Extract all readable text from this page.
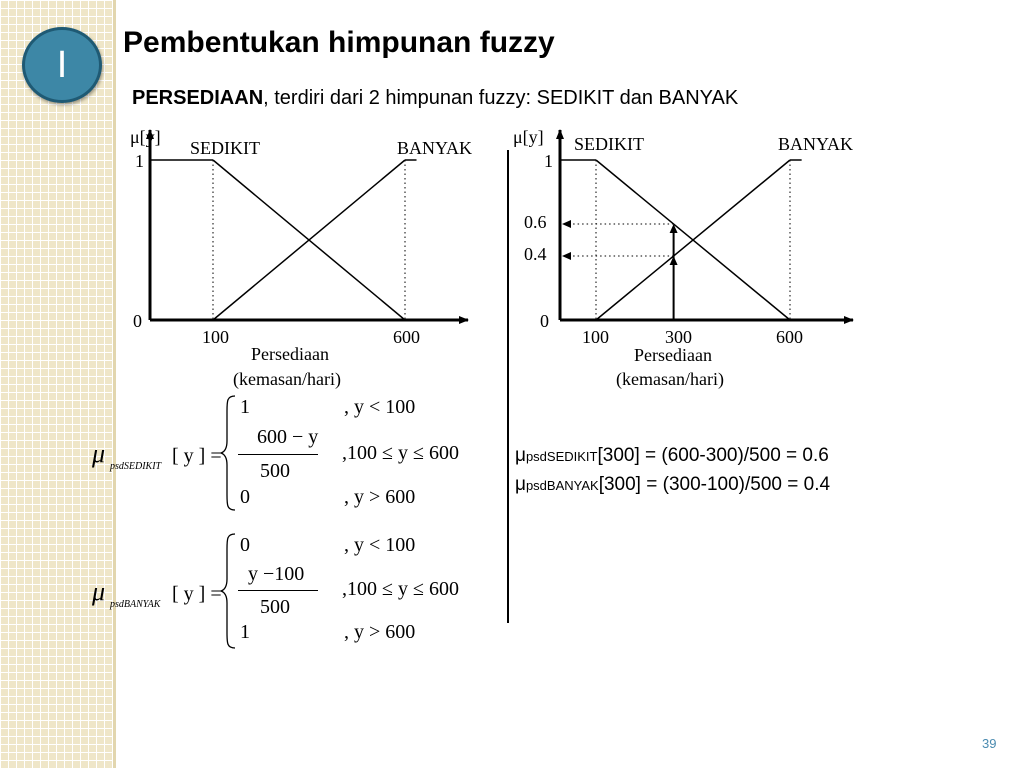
I
Pembentukan himpunan fuzzy
PERSEDIAAN, terdiri dari 2 himpunan fuzzy: SEDIKIT dan BANYAK
μ[y]
SEDIKIT	BANYAK
1
0
100	600
Persediaan
(kemasan/hari)
μ[y] SEDIKIT	BANYAK
1
0.6
0.4
0
100	300	600
Persediaan
(kemasan/hari)
μ psdSEDIKIT [ y ] =
1	, y < 100
600 − y
500
,100 ≤ y ≤ 600
0	, y > 600
μ psdBANYAK [ y ] =
0	, y < 100
y −100
500
,100 ≤ y ≤ 600
1	, y > 600
μpsdSEDIKIT[300] = (600-300)/500 = 0.6
μpsdBANYAK[300] = (300-100)/500 = 0.4
39
